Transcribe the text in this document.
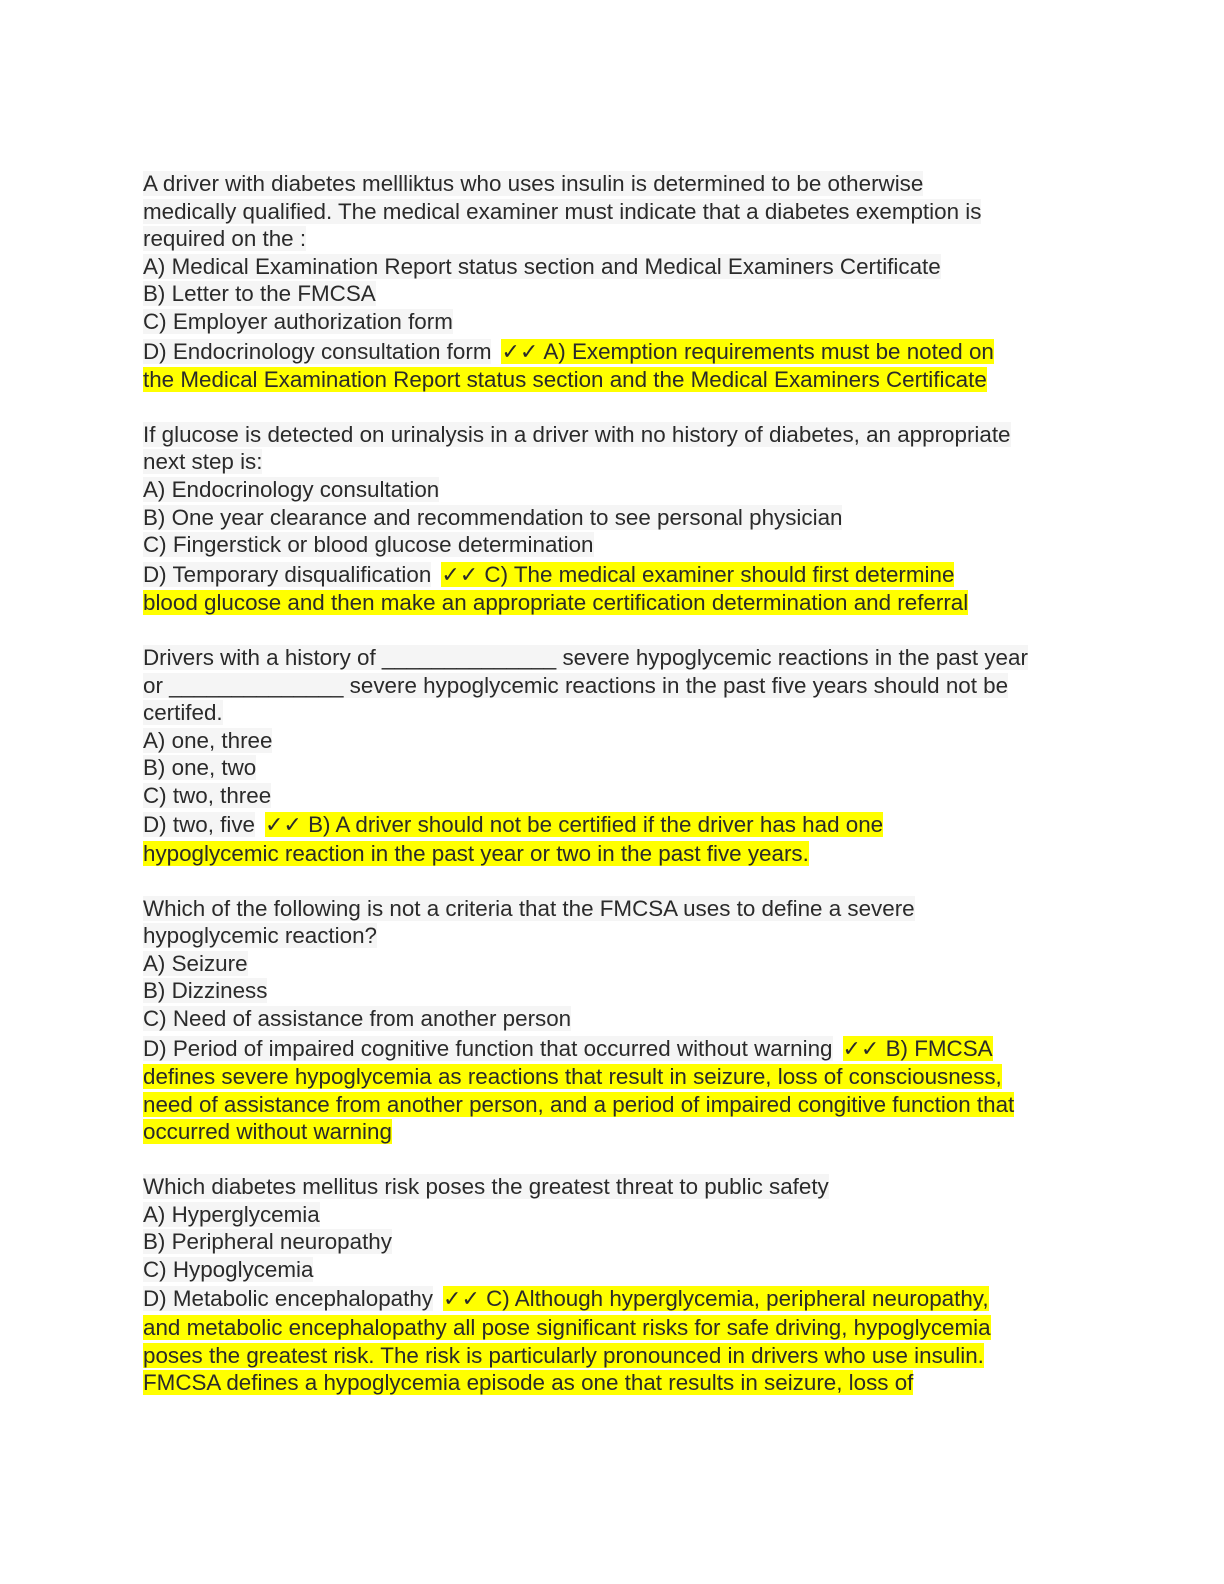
A driver with diabetes mellliktus who uses insulin is determined to be otherwise
medically qualified. The medical examiner must indicate that a diabetes exemption is
required on the :
A) Medical Examination Report status section and Medical Examiners Certificate
B) Letter to the FMCSA
C) Employer authorization form
D) Endocrinology consultation form ✓✓ A) Exemption requirements must be noted on
the Medical Examination Report status section and the Medical Examiners Certificate
If glucose is detected on urinalysis in a driver with no history of diabetes, an appropriate
next step is:
A) Endocrinology consultation
B) One year clearance and recommendation to see personal physician
C) Fingerstick or blood glucose determination
D) Temporary disqualification ✓✓ C) The medical examiner should first determine
blood glucose and then make an appropriate certification determination and referral
Drivers with a history of ______________ severe hypoglycemic reactions in the past year
or ______________ severe hypoglycemic reactions in the past five years should not be
certifed.
A) one, three
B) one, two
C) two, three
D) two, five ✓✓ B) A driver should not be certified if the driver has had one
hypoglycemic reaction in the past year or two in the past five years.
Which of the following is not a criteria that the FMCSA uses to define a severe
hypoglycemic reaction?
A) Seizure
B) Dizziness
C) Need of assistance from another person
D) Period of impaired cognitive function that occurred without warning ✓✓ B) FMCSA
defines severe hypoglycemia as reactions that result in seizure, loss of consciousness,
need of assistance from another person, and a period of impaired congitive function that
occurred without warning
Which diabetes mellitus risk poses the greatest threat to public safety
A) Hyperglycemia
B) Peripheral neuropathy
C) Hypoglycemia
D) Metabolic encephalopathy ✓✓ C) Although hyperglycemia, peripheral neuropathy,
and metabolic encephalopathy all pose significant risks for safe driving, hypoglycemia
poses the greatest risk. The risk is particularly pronounced in drivers who use insulin.
FMCSA defines a hypoglycemia episode as one that results in seizure, loss of
